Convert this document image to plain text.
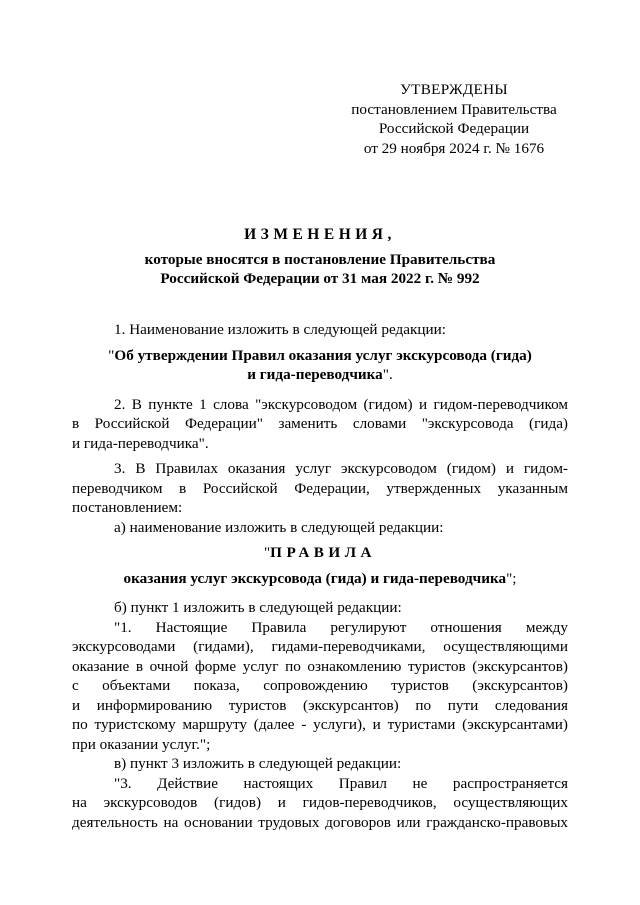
УТВЕРЖДЕНЫ
постановлением Правительства
Российской Федерации
от 29 ноября 2024 г. № 1676
ИЗМЕНЕНИЯ,
которые вносятся в постановление Правительства
Российской Федерации от 31 мая 2022 г. № 992

1. Наименование изложить в следующей редакции:

"Об утверждении Правил оказания услуг экскурсовода (гида)

и гида-переводчика".

2. В пункте 1 слова "экскурсоводом (гидом) и гидом-переводчиком

в Российской Федерации" заменить словами "экскурсовода (гида)

и гида-переводчика".

3. В Правилах оказания услуг экскурсоводом (гидом) и гидом-

переводчиком в Российской Федерации, утвержденных указанным

постановлением:

а) наименование изложить в следующей редакции:

"ПРАВИЛА

оказания услуг экскурсовода (гида) и гида-переводчика";

б) пункт 1 изложить в следующей редакции:

"1. Настоящие Правила регулируют отношения между

экскурсоводами (гидами), гидами-переводчиками, осуществляющими

оказание в очной форме услуг по ознакомлению туристов (экскурсантов)

с объектами показа, сопровождению туристов (экскурсантов)

и информированию туристов (экскурсантов) по пути следования

по туристскому маршруту (далее - услуги), и туристами (экскурсантами)

при оказании услуг.";

в) пункт 3 изложить в следующей редакции:

"3. Действие настоящих Правил не распространяется

на экскурсоводов (гидов) и гидов-переводчиков, осуществляющих

деятельность на основании трудовых договоров или гражданско-правовых
